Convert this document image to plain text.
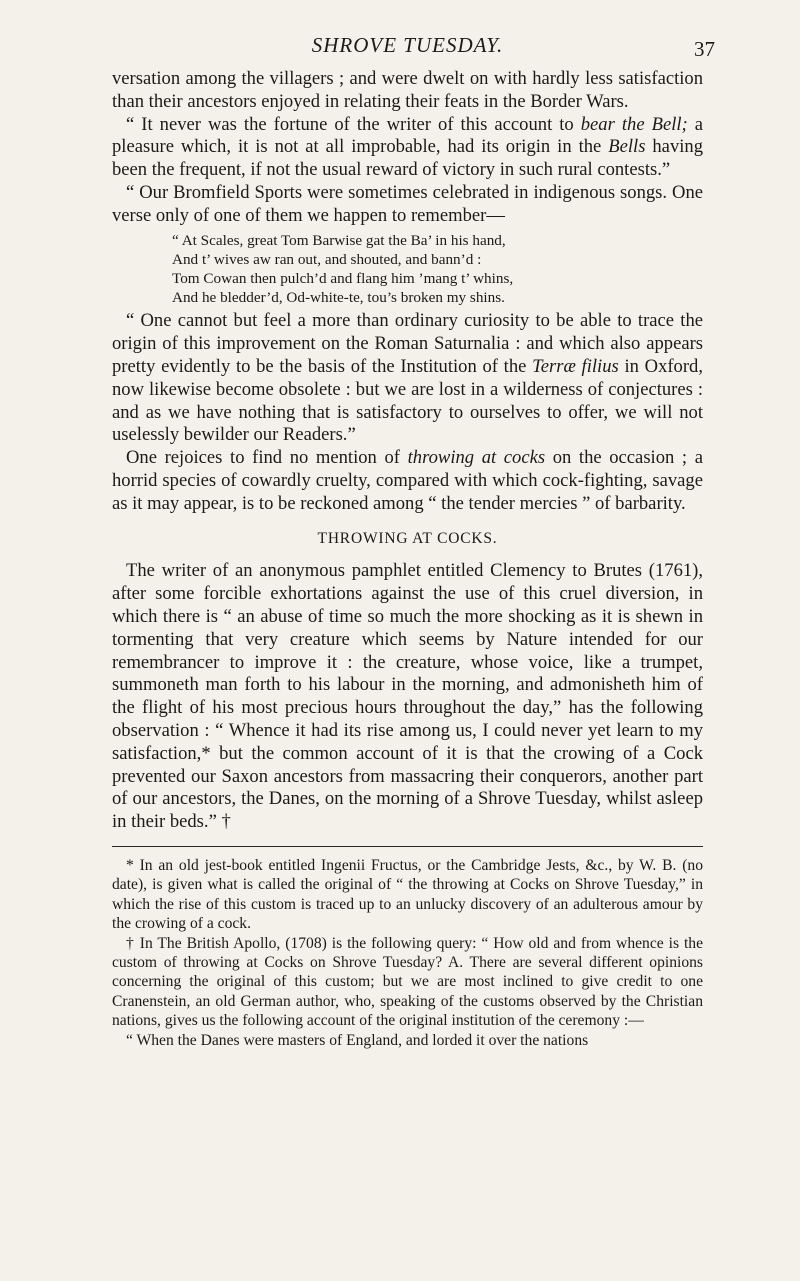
SHROVE TUESDAY.	37

versation among the villagers ; and were dwelt on with hardly less satisfaction than their ancestors enjoyed in relating their feats in the Border Wars.

“ It never was the fortune of the writer of this account to bear the Bell; a pleasure which, it is not at all improbable, had its origin in the Bells having been the frequent, if not the usual reward of victory in such rural contests.”

“ Our Bromfield Sports were sometimes celebrated in indigenous songs. One verse only of one of them we happen to remember—

“ At Scales, great Tom Barwise gat the Ba’ in his hand,
And t’ wives aw ran out, and shouted, and bann’d :
Tom Cowan then pulch’d and flang him ’mang t’ whins,
And he bledder’d, Od-white-te, tou’s broken my shins.

“ One cannot but feel a more than ordinary curiosity to be able to trace the origin of this improvement on the Roman Saturnalia : and which also appears pretty evidently to be the basis of the Institution of the Terræ filius in Oxford, now likewise become obsolete : but we are lost in a wilderness of conjectures : and as we have nothing that is satisfactory to ourselves to offer, we will not uselessly bewilder our Readers.”

One rejoices to find no mention of throwing at cocks on the occasion ; a horrid species of cowardly cruelty, compared with which cock-fighting, savage as it may appear, is to be reckoned among “ the tender mercies ” of barbarity.

THROWING AT COCKS.

The writer of an anonymous pamphlet entitled Clemency to Brutes (1761), after some forcible exhortations against the use of this cruel diversion, in which there is “ an abuse of time so much the more shocking as it is shewn in tormenting that very creature which seems by Nature intended for our remembrancer to improve it : the creature, whose voice, like a trumpet, summoneth man forth to his labour in the morning, and admonisheth him of the flight of his most precious hours throughout the day,” has the following observation : “ Whence it had its rise among us, I could never yet learn to my satisfaction,* but the common account of it is that the crowing of a Cock prevented our Saxon ancestors from massacring their conquerors, another part of our ancestors, the Danes, on the morning of a Shrove Tuesday, whilst asleep in their beds.” †

* In an old jest-book entitled Ingenii Fructus, or the Cambridge Jests, &c., by W. B. (no date), is given what is called the original of “ the throwing at Cocks on Shrove Tuesday,” in which the rise of this custom is traced up to an unlucky discovery of an adulterous amour by the crowing of a cock.

† In The British Apollo, (1708) is the following query: “ How old and from whence is the custom of throwing at Cocks on Shrove Tuesday? A. There are several different opinions concerning the original of this custom; but we are most inclined to give credit to one Cranenstein, an old German author, who, speaking of the customs observed by the Christian nations, gives us the following account of the original institution of the ceremony :—

“ When the Danes were masters of England, and lorded it over the nations
